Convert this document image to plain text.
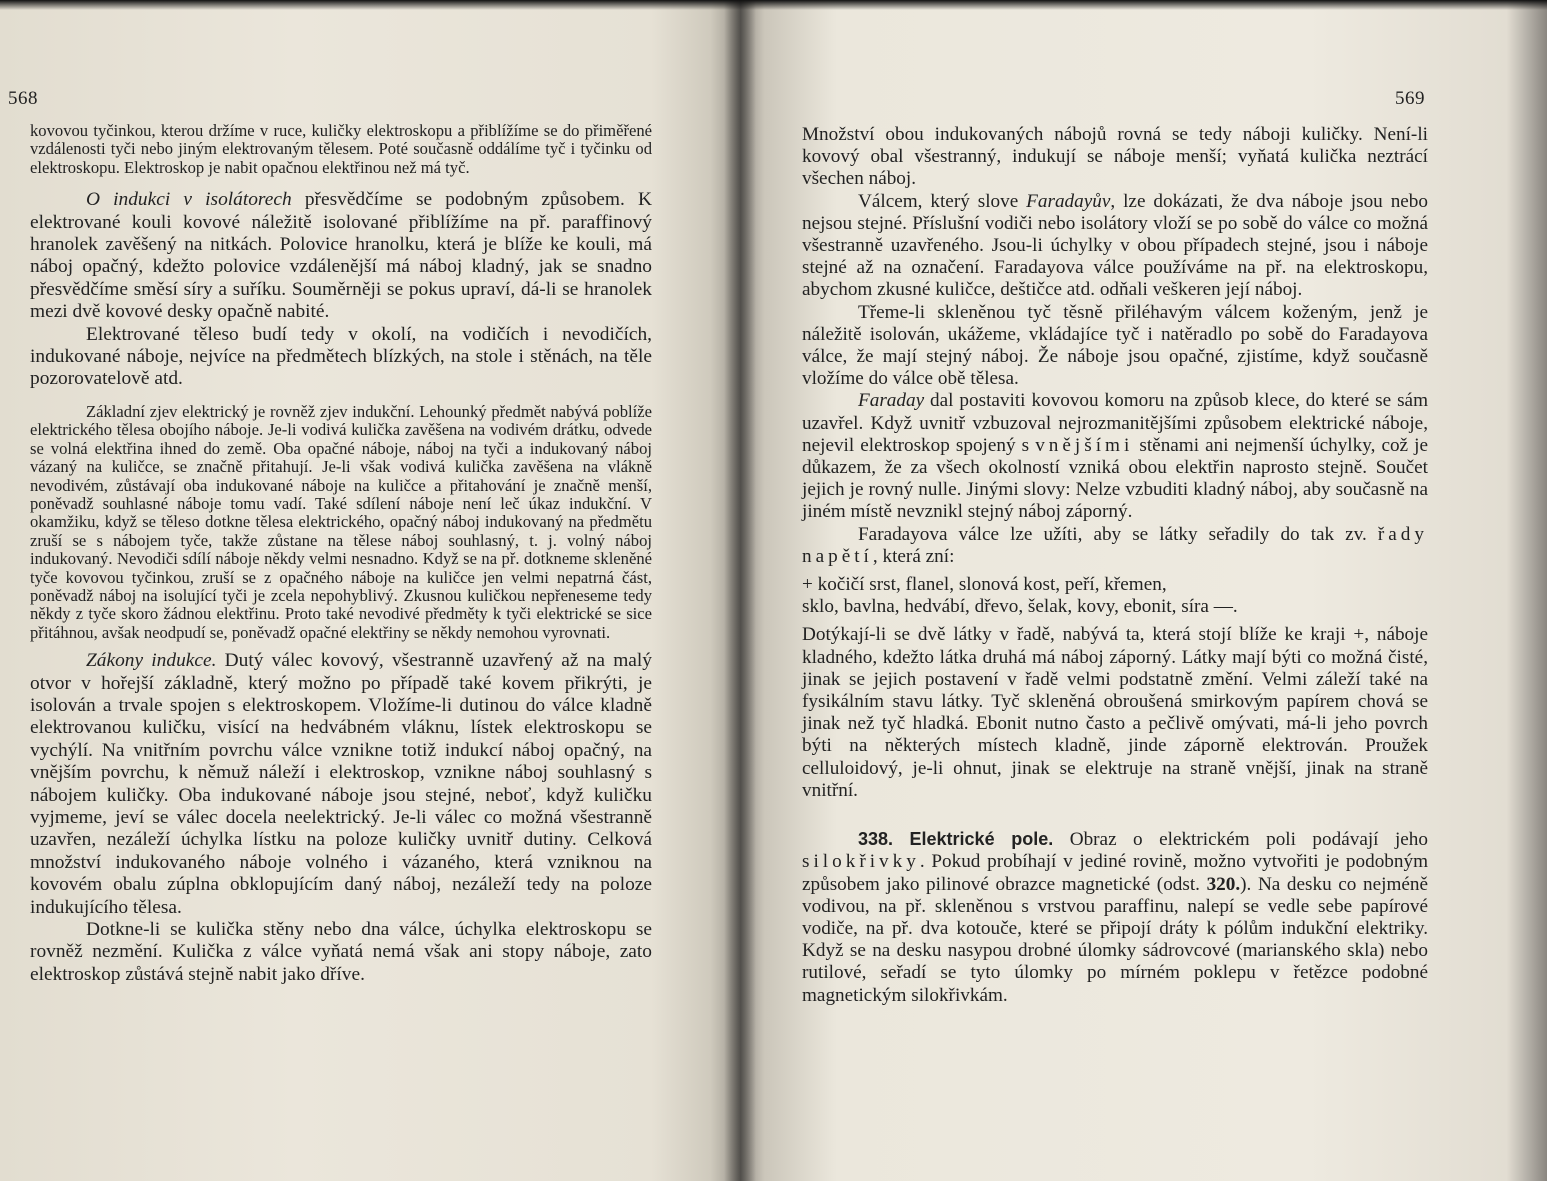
568

kovovou tyčinkou, kterou držíme v ruce, kuličky elektroskopu a přiblížíme se do přiměřené vzdálenosti tyči nebo jiným elektrovaným tělesem. Poté současně oddálíme tyč i tyčinku od elektroskopu. Elektroskop je nabit opačnou elektřinou než má tyč.

O indukci v isolátorech přesvědčíme se podobným způsobem. K elektrované kouli kovové náležitě isolované přiblížíme na př. paraffinový hranolek zavěšený na nitkách. Polovice hranolku, která je blíže ke kouli, má náboj opačný, kdežto polovice vzdálenější má náboj kladný, jak se snadno přesvědčíme směsí síry a suříku. Souměrněji se pokus upraví, dá-li se hranolek mezi dvě kovové desky opačně nabité.

Elektrované těleso budí tedy v okolí, na vodičích i nevodičích, indukované náboje, nejvíce na předmětech blízkých, na stole i stěnách, na těle pozorovatelově atd.

Základní zjev elektrický je rovněž zjev indukční. Lehounký předmět nabývá poblíže elektrického tělesa obojího náboje. Je-li vodivá kulička zavěšena na vodivém drátku, odvede se volná elektřina ihned do země. Oba opačné náboje, náboj na tyči a indukovaný náboj vázaný na kuličce, se značně přitahují. Je-li však vodivá kulička zavěšena na vlákně nevodivém, zůstávají oba indukované náboje na kuličce a přitahování je značně menší, poněvadž souhlasné náboje tomu vadí. Také sdílení náboje není leč úkaz indukční. V okamžiku, když se těleso dotkne tělesa elektrického, opačný náboj indukovaný na předmětu zruší se s nábojem tyče, takže zůstane na tělese náboj souhlasný, t. j. volný náboj indukovaný. Nevodiči sdílí náboje někdy velmi nesnadno. Když se na př. dotkneme skleněné tyče kovovou tyčinkou, zruší se z opačného náboje na kuličce jen velmi nepatrná část, poněvadž náboj na isolující tyči je zcela nepohyblivý. Zkusnou kuličkou nepřeneseme tedy někdy z tyče skoro žádnou elektřinu. Proto také nevodivé předměty k tyči elektrické se sice přitáhnou, avšak neodpudí se, poněvadž opačné elektřiny se někdy nemohou vyrovnati.

Zákony indukce. Dutý válec kovový, všestranně uzavřený až na malý otvor v hořejší základně, který možno po případě také kovem přikrýti, je isolován a trvale spojen s elektroskopem. Vložíme-li dutinou do válce kladně elektrovanou kuličku, visící na hedvábném vláknu, lístek elektroskopu se vychýlí. Na vnitřním povrchu válce vznikne totiž indukcí náboj opačný, na vnějším povrchu, k němuž náleží i elektroskop, vznikne náboj souhlasný s nábojem kuličky. Oba indukované náboje jsou stejné, neboť, když kuličku vyjmeme, jeví se válec docela neelektrický. Je-li válec co možná všestranně uzavřen, nezáleží úchylka lístku na poloze kuličky uvnitř dutiny. Celková množství indukovaného náboje volného i vázaného, která vzniknou na kovovém obalu zúplna obklopujícím daný náboj, nezáleží tedy na poloze indukujícího tělesa.

Dotkne-li se kulička stěny nebo dna válce, úchylka elektroskopu se rovněž nezmění. Kulička z válce vyňatá nemá však ani stopy náboje, zato elektroskop zůstává stejně nabit jako dříve.

569

Množství obou indukovaných nábojů rovná se tedy náboji kuličky. Není-li kovový obal všestranný, indukují se náboje menší; vyňatá kulička neztrácí všechen náboj.

Válcem, který slove Faradayův, lze dokázati, že dva náboje jsou nebo nejsou stejné. Příslušní vodiči nebo isolátory vloží se po sobě do válce co možná všestranně uzavřeného. Jsou-li úchylky v obou případech stejné, jsou i náboje stejné až na označení. Faradayova válce používáme na př. na elektroskopu, abychom zkusné kuličce, deštičce atd. odňali veškeren její náboj.

Třeme-li skleněnou tyč těsně přiléhavým válcem koženým, jenž je náležitě isolován, ukážeme, vkládajíce tyč i natěradlo po sobě do Faradayova válce, že mají stejný náboj. Že náboje jsou opačné, zjistíme, když současně vložíme do válce obě tělesa.

Faraday dal postaviti kovovou komoru na způsob klece, do které se sám uzavřel. Když uvnitř vzbuzoval nejrozmanitějšími způsobem elektrické náboje, nejevil elektroskop spojený s vnějšími stěnami ani nejmenší úchylky, což je důkazem, že za všech okolností vzniká obou elektřin naprosto stejně. Součet jejich je rovný nulle. Jinými slovy: Nelze vzbuditi kladný náboj, aby současně na jiném místě nevznikl stejný náboj záporný.

Faradayova válce lze užíti, aby se látky seřadily do tak zv. řady napětí, která zní:

+ kočičí srst, flanel, slonová kost, peří, křemen,
sklo, bavlna, hedvábí, dřevo, šelak, kovy, ebonit, síra —.

Dotýkají-li se dvě látky v řadě, nabývá ta, která stojí blíže ke kraji +, náboje kladného, kdežto látka druhá má náboj záporný. Látky mají býti co možná čisté, jinak se jejich postavení v řadě velmi podstatně změní. Velmi záleží také na fysikálním stavu látky. Tyč skleněná obroušená smirkovým papírem chová se jinak než tyč hladká. Ebonit nutno často a pečlivě omývati, má-li jeho povrch býti na některých místech kladně, jinde záporně elektrován. Proužek celluloidový, je-li ohnut, jinak se elektruje na straně vnější, jinak na straně vnitřní.

338. Elektrické pole. Obraz o elektrickém poli podávají jeho silokřivky. Pokud probíhají v jediné rovině, možno vytvořiti je podobným způsobem jako pilinové obrazce magnetické (odst. 320.). Na desku co nejméně vodivou, na př. skleněnou s vrstvou paraffinu, nalepí se vedle sebe papírové vodiče, na př. dva kotouče, které se připojí dráty k pólům indukční elektriky. Když se na desku nasypou drobné úlomky sádrovcové (marianského skla) nebo rutilové, seřadí se tyto úlomky po mírném poklepu v řetězce podobné magnetickým silokřivkám.
